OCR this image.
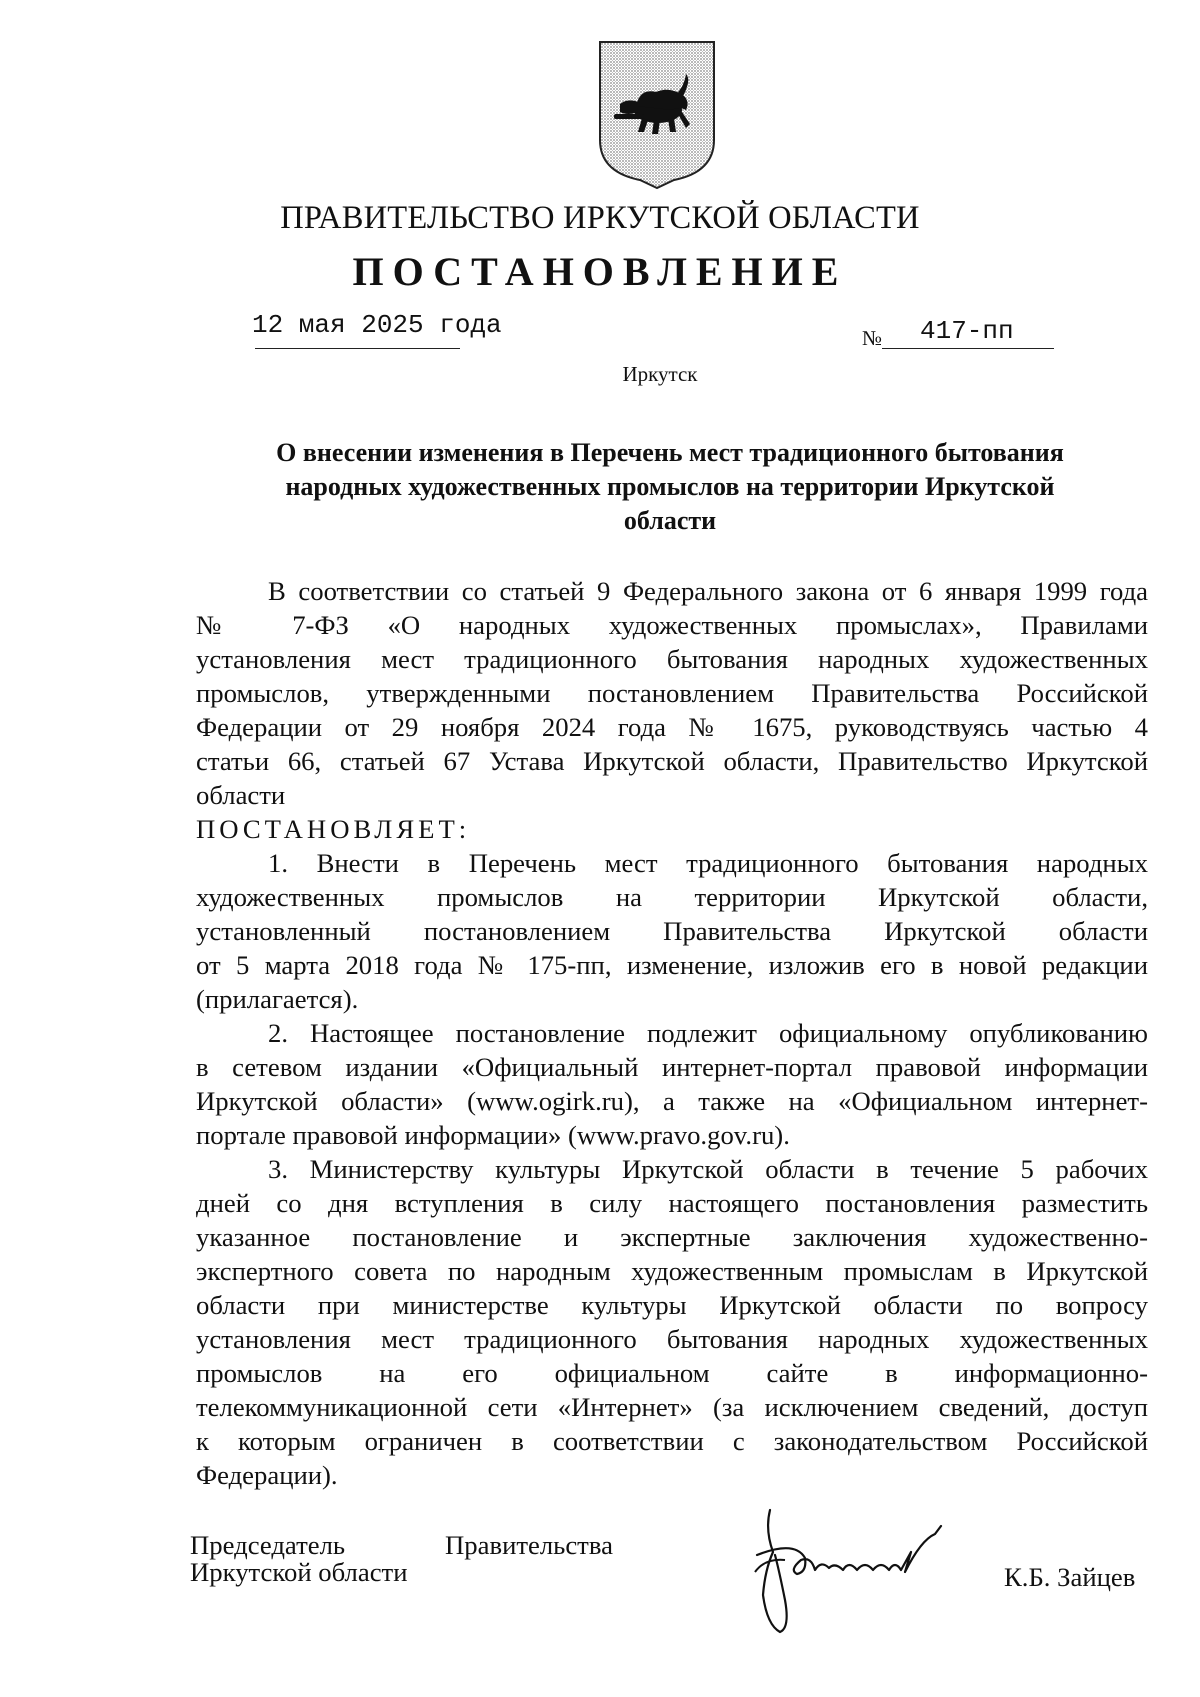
ПРАВИТЕЛЬСТВО ИРКУТСКОЙ ОБЛАСТИ
ПОСТАНОВЛЕНИЕ
12 мая 2025 года	№ 417-пп
Иркутск
О внесении изменения в Перечень мест традиционного бытования
народных художественных промыслов на территории Иркутской
области
В соответствии со статьей 9 Федерального закона от 6 января 1999 года
№ 7-ФЗ «О народных художественных промыслах», Правилами
установления мест традиционного бытования народных художественных
промыслов, утвержденными постановлением Правительства Российской
Федерации от 29 ноября 2024 года № 1675, руководствуясь частью 4
статьи 66, статьей 67 Устава Иркутской области, Правительство Иркутской
области
ПОСТАНОВЛЯЕТ:
1. Внести в Перечень мест традиционного бытования народных
художественных промыслов на территории Иркутской области,
установленный постановлением Правительства Иркутской области
от 5 марта 2018 года № 175-пп, изменение, изложив его в новой редакции
(прилагается).
2. Настоящее постановление подлежит официальному опубликованию
в сетевом издании «Официальный интернет-портал правовой информации
Иркутской области» (www.ogirk.ru), а также на «Официальном интернет-
портале правовой информации» (www.pravo.gov.ru).
3. Министерству культуры Иркутской области в течение 5 рабочих
дней со дня вступления в силу настоящего постановления разместить
указанное постановление и экспертные заключения художественно-
экспертного совета по народным художественным промыслам в Иркутской
области при министерстве культуры Иркутской области по вопросу
установления мест традиционного бытования народных художественных
промыслов на его официальном сайте в информационно-
телекоммуникационной сети «Интернет» (за исключением сведений, доступ
к которым ограничен в соответствии с законодательством Российской
Федерации).
Председатель	Правительства
Иркутской области	К.Б. Зайцев
